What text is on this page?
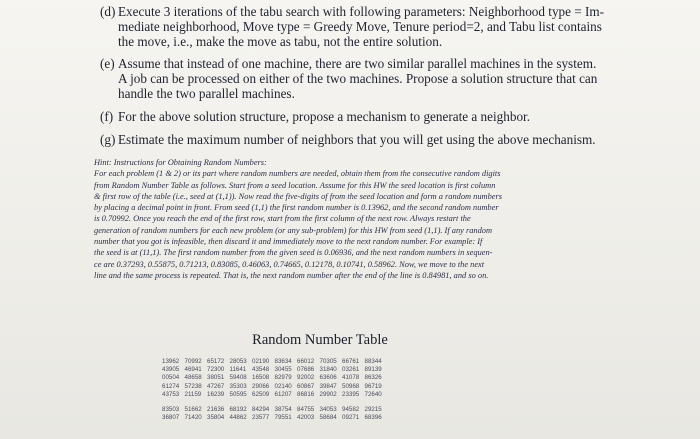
(d) Execute 3 iterations of the tabu search with following parameters: Neighborhood type = Im-
mediate neighborhood, Move type = Greedy Move, Tenure period=2, and Tabu list contains
the move, i.e., make the move as tabu, not the entire solution.
(e) Assume that instead of one machine, there are two similar parallel machines in the system.
A job can be processed on either of the two machines. Propose a solution structure that can
handle the two parallel machines.
(f) For the above solution structure, propose a mechanism to generate a neighbor.
(g) Estimate the maximum number of neighbors that you will get using the above mechanism.
Hint: Instructions for Obtaining Random Numbers:
For each problem (1 & 2) or its part where random numbers are needed, obtain them from the consecutive random digits
from Random Number Table as follows. Start from a seed location. Assume for this HW the seed location is first column
& first row of the table (i.e., seed at (1,1)). Now read the five-digits of from the seed location and form a random numbers
by placing a decimal point in front. From seed (1,1) the first random number is 0.13962, and the second random number
is 0.70992. Once you reach the end of the first row, start from the first column of the next row. Always restart the
generation of random numbers for each new problem (or any sub-problem) for this HW from seed (1,1). If any random
number that you got is infeasible, then discard it and immediately move to the next random number. For example: If
the seed is at (11,1). The first random number from the given seed is 0.06936, and the next random numbers in sequen-
ce are 0.37293, 0.55875, 0.71213, 0.83085, 0.46063, 0.74665, 0.12178, 0.10741, 0.58962. Now, we move to the next
line and the same process is repeated. That is, the next random number after the end of the line is 0.84981, and so on.
Random Number Table
13962 70992 65172 28053 02190 83634 66012 70305 66761 88344
43905 46941 72300 11641 43548 30455 07686 31840 03261 89139
00504 48658 38051 59408 16508 82979 92002 63606 41078 86326
61274 57238 47267 35303 29066 02140 60867 39847 50968 96719
43753 21159 16239 50595 62509 61207 86816 29902 23395 72640
83503 51662 21636 68192 84294 38754 84755 34053 94582 29215
36807 71420 35804 44862 23577 79551 42003 58684 09271 68396
